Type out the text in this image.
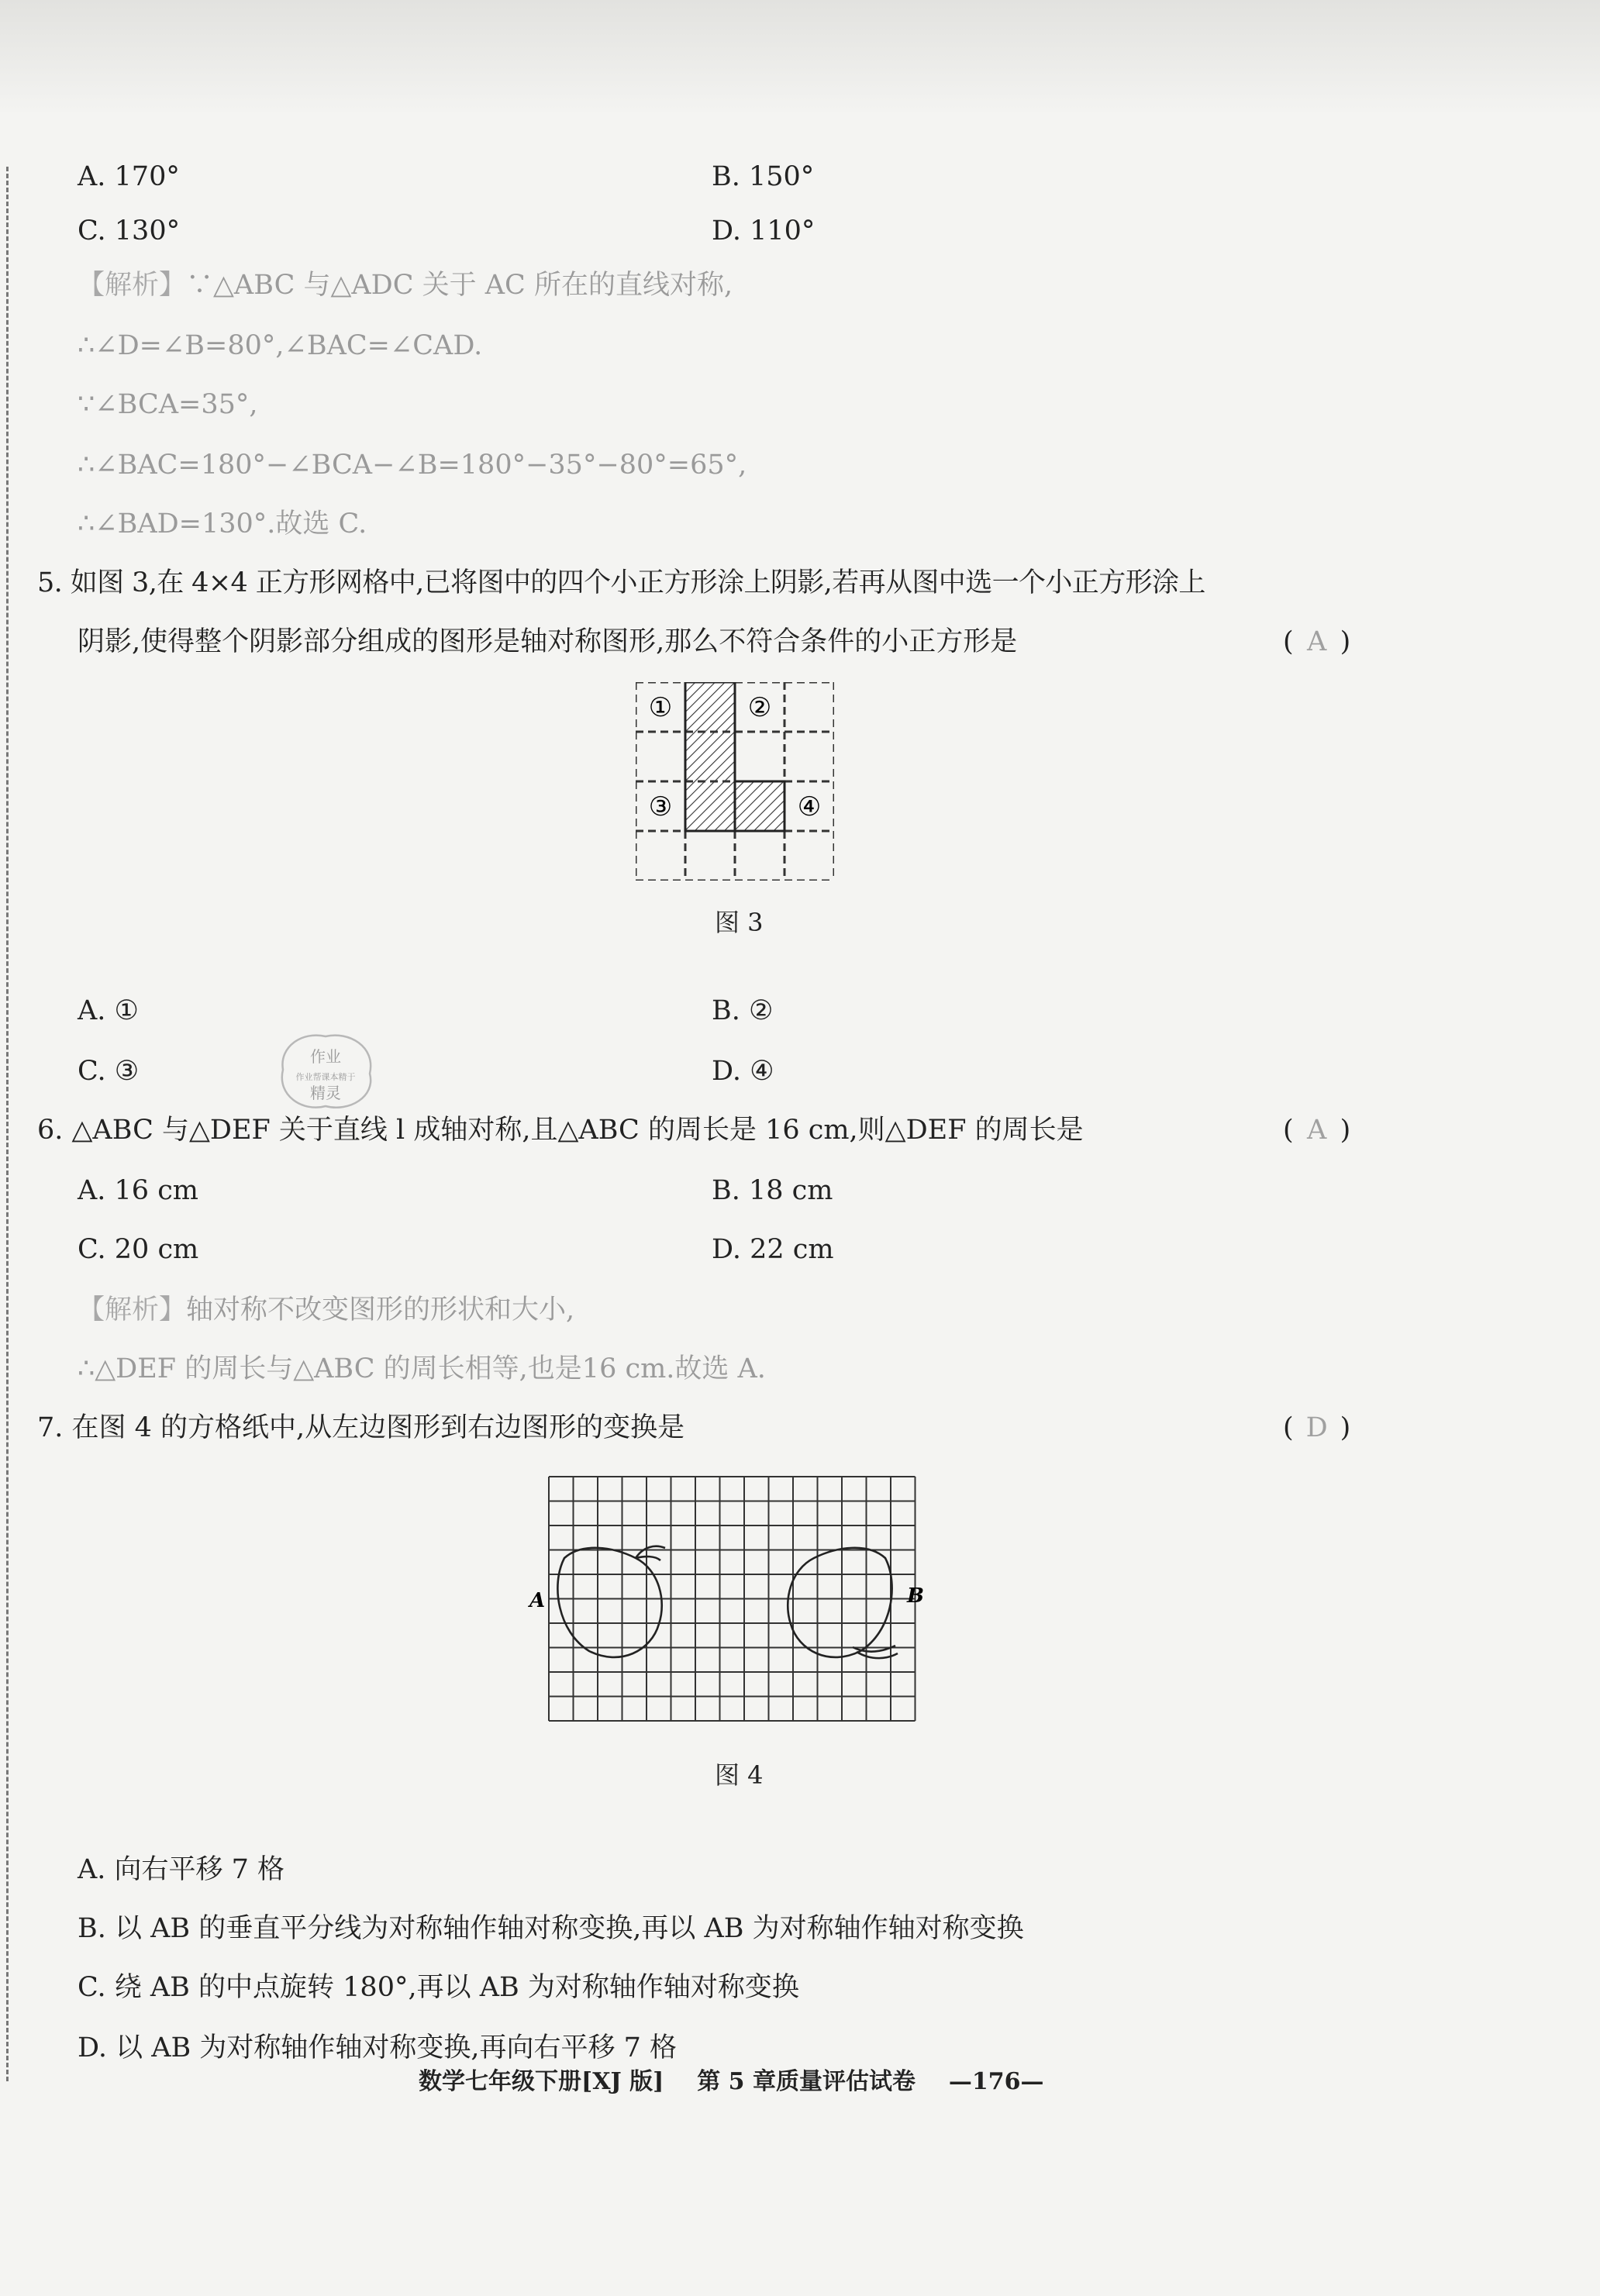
A. 170°	B. 150°
C. 130°	D. 110°
【解析】∵△ABC 与△ADC 关于 AC 所在的直线对称,
∴∠D=∠B=80°,∠BAC=∠CAD.
∵∠BCA=35°,
∴∠BAC=180°−∠BCA−∠B=180°−35°−80°=65°,
∴∠BAD=130°.故选 C.
5. 如图 3,在 4×4 正方形网格中,已将图中的四个小正方形涂上阴影,若再从图中选一个小正方形涂上
阴影,使得整个阴影部分组成的图形是轴对称图形,那么不符合条件的小正方形是	( A )
①	②
③	④
图 3
A. ①	B. ②
C. ③	D. ④
作业
作业帮课本精于
精灵
6. △ABC 与△DEF 关于直线 l 成轴对称,且△ABC 的周长是 16 cm,则△DEF 的周长是	( A )
A. 16 cm	B. 18 cm
C. 20 cm	D. 22 cm
【解析】轴对称不改变图形的形状和大小,
∴△DEF 的周长与△ABC 的周长相等,也是16 cm.故选 A.
7. 在图 4 的方格纸中,从左边图形到右边图形的变换是	( D )
A	B
图 4
A. 向右平移 7 格
B. 以 AB 的垂直平分线为对称轴作轴对称变换,再以 AB 为对称轴作轴对称变换
C. 绕 AB 的中点旋转 180°,再以 AB 为对称轴作轴对称变换
D. 以 AB 为对称轴作轴对称变换,再向右平移 7 格
数学七年级下册[XJ 版] 第 5 章质量评估试卷 —176—
